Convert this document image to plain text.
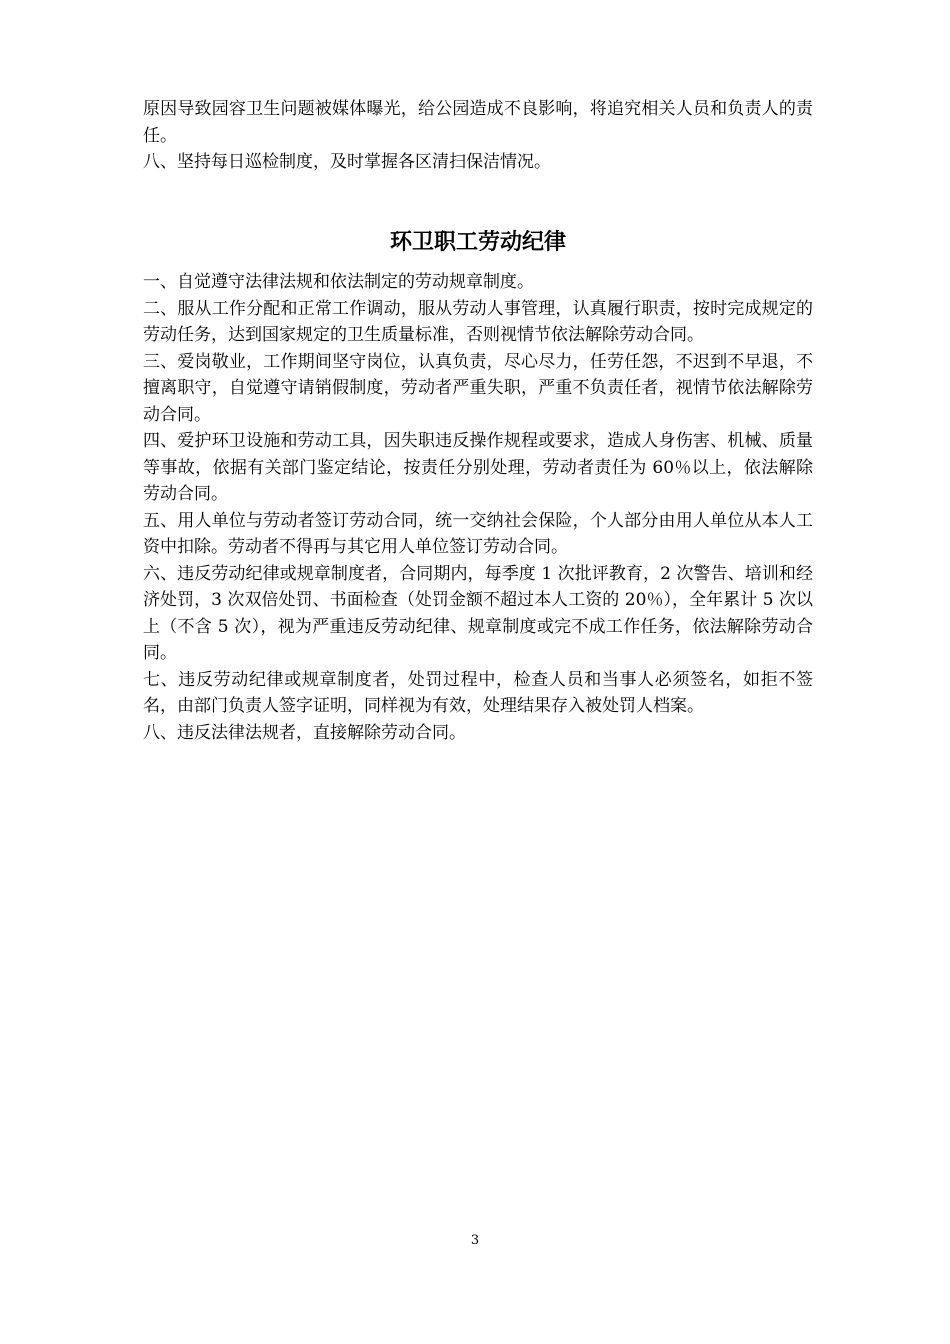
原因导致园容卫生问题被媒体曝光，给公园造成不良影响，将追究相关人员和负责人的责任。

八、坚持每日巡检制度，及时掌握各区清扫保洁情况。

环卫职工劳动纪律

一、自觉遵守法律法规和依法制定的劳动规章制度。

二、服从工作分配和正常工作调动，服从劳动人事管理，认真履行职责，按时完成规定的劳动任务，达到国家规定的卫生质量标准，否则视情节依法解除劳动合同。

三、爱岗敬业，工作期间坚守岗位，认真负责，尽心尽力，任劳任怨，不迟到不早退，不擅离职守，自觉遵守请销假制度，劳动者严重失职，严重不负责任者，视情节依法解除劳动合同。

四、爱护环卫设施和劳动工具，因失职违反操作规程或要求，造成人身伤害、机械、质量等事故，依据有关部门鉴定结论，按责任分别处理，劳动者责任为 60％以上，依法解除劳动合同。

五、用人单位与劳动者签订劳动合同，统一交纳社会保险，个人部分由用人单位从本人工资中扣除。劳动者不得再与其它用人单位签订劳动合同。

六、违反劳动纪律或规章制度者，合同期内，每季度 1 次批评教育，2 次警告、培训和经济处罚，3 次双倍处罚、书面检查（处罚金额不超过本人工资的 20％），全年累计 5 次以上（不含 5 次），视为严重违反劳动纪律、规章制度或完不成工作任务，依法解除劳动合同。

七、违反劳动纪律或规章制度者，处罚过程中，检查人员和当事人必须签名，如拒不签名，由部门负责人签字证明，同样视为有效，处理结果存入被处罚人档案。

八、违反法律法规者，直接解除劳动合同。

3
